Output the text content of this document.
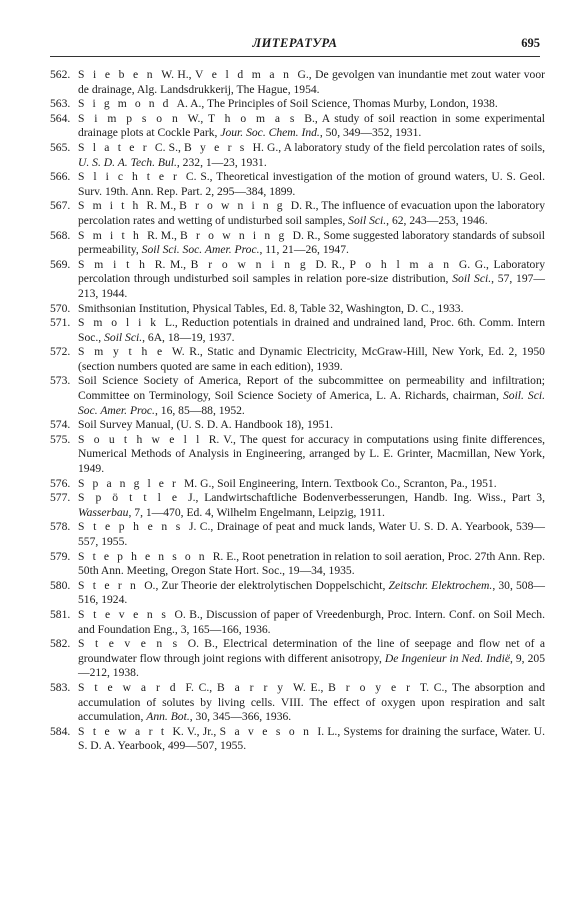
ЛИТЕРАТУРА	695
562. S i e b e n W. H., V e l d m a n G., De gevolgen van inundantie met zout water voor de drainage, Alg. Landsdrukkerij, The Hague, 1954.
563. S i g m o n d A. A., The Principles of Soil Science, Thomas Murby, London, 1938.
564. S i m p s o n W., T h o m a s B., A study of soil reaction in some experimental drainage plots at Cockle Park, Jour. Soc. Chem. Ind., 50, 349—352, 1931.
565. S l a t e r C. S., B y e r s H. G., A laboratory study of the field percolation rates of soils, U. S. D. A. Tech. Bul., 232, 1—23, 1931.
566. S l i c h t e r C. S., Theoretical investigation of the motion of ground waters, U. S. Geol. Surv. 19th. Ann. Rep. Part. 2, 295—384, 1899.
567. S m i t h R. M., B r o w n i n g D. R., The influence of evacuation upon the laboratory percolation rates and wetting of undisturbed soil samples, Soil Sci., 62, 243—253, 1946.
568. S m i t h R. M., B r o w n i n g D. R., Some suggested laboratory standards of subsoil permeability, Soil Sci. Soc. Amer. Proc., 11, 21—26, 1947.
569. S m i t h R. M., B r o w n i n g D. R., P o h l m a n G. G., Laboratory percolation through undisturbed soil samples in relation pore-size distribution, Soil Sci., 57, 197—213, 1944.
570. Smithsonian Institution, Physical Tables, Ed. 8, Table 32, Washington, D. C., 1933.
571. S m o l i k L., Reduction potentials in drained and undrained land, Proc. 6th. Comm. Intern Soc., Soil Sci., 6A, 18—19, 1937.
572. S m y t h e W. R., Static and Dynamic Electricity, McGraw-Hill, New York, Ed. 2, 1950 (section numbers quoted are same in each edition), 1939.
573. Soil Science Society of America, Report of the subcommittee on permeability and infiltration; Committee on Terminology, Soil Science Society of America, L. A. Richards, chairman, Soil. Sci. Soc. Amer. Proc., 16, 85—88, 1952.
574. Soil Survey Manual, (U. S. D. A. Handbook 18), 1951.
575. S o u t h w e l l R. V., The quest for accuracy in computations using finite differences, Numerical Methods of Analysis in Engineering, arranged by L. E. Grinter, Macmillan, New York, 1949.
576. S p a n g l e r M. G., Soil Engineering, Intern. Textbook Co., Scranton, Pa., 1951.
577. S p ö t t l e J., Landwirtschaftliche Bodenverbesserungen, Handb. Ing. Wiss., Part 3, Wasserbau, 7, 1—470, Ed. 4, Wilhelm Engelmann, Leipzig, 1911.
578. S t e p h e n s J. C., Drainage of peat and muck lands, Water U. S. D. A. Yearbook, 539—557, 1955.
579. S t e p h e n s o n R. E., Root penetration in relation to soil aeration, Proc. 27th Ann. Rep. 50th Ann. Meeting, Oregon State Hort. Soc., 19—34, 1935.
580. S t e r n O., Zur Theorie der elektrolytischen Doppelschicht, Zeitschr. Elektrochem., 30, 508—516, 1924.
581. S t e v e n s O. B., Discussion of paper of Vreedenburgh, Proc. Intern. Conf. on Soil Mech. and Foundation Eng., 3, 165—166, 1936.
582. S t e v e n s O. B., Electrical determination of the line of seepage and flow net of a groundwater flow through joint regions with different anisotropy, De Ingenieur in Ned. Indië, 9, 205—212, 1938.
583. S t e w a r d F. C., B a r r y W. E., B r o y e r T. C., The absorption and accumulation of solutes by living cells. VIII. The effect of oxygen upon respiration and salt accumulation, Ann. Bot., 30, 345—366, 1936.
584. S t e w a r t K. V., Jr., S a v e s o n I. L., Systems for draining the surface, Water. U. S. D. A. Yearbook, 499—507, 1955.
